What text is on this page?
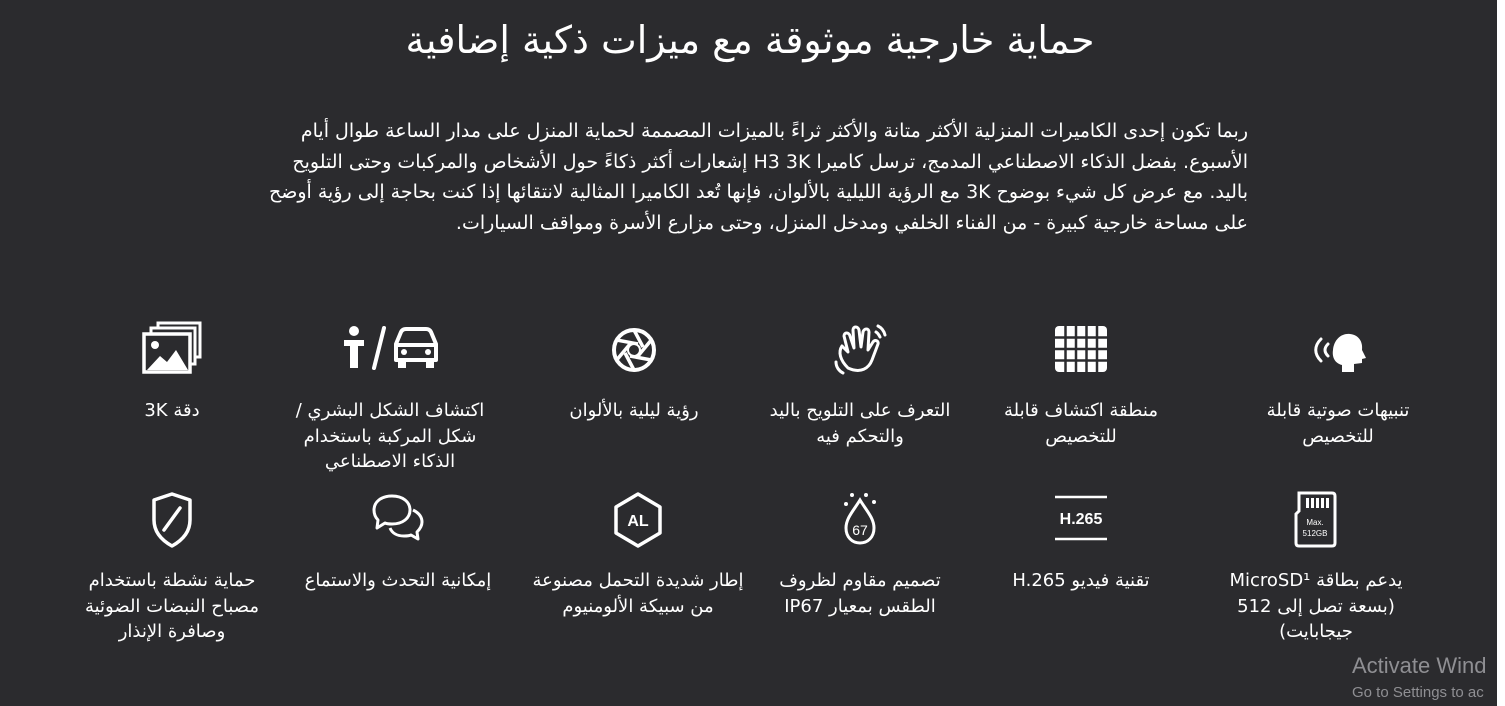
حماية خارجية موثوقة مع ميزات ذكية إضافية

ربما تكون إحدى الكاميرات المنزلية الأكثر متانة والأكثر ثراءً بالميزات المصممة لحماية المنزل على مدار الساعة طوال أيام الأسبوع. بفضل الذكاء الاصطناعي المدمج، ترسل كاميرا H3 3K إشعارات أكثر ذكاءً حول الأشخاص والمركبات وحتى التلويح باليد. مع عرض كل شيء بوضوح 3K مع الرؤية الليلية بالألوان، فإنها تُعد الكاميرا المثالية لانتقائها إذا كنت بحاجة إلى رؤية أوضح على مساحة خارجية كبيرة - من الفناء الخلفي ومدخل المنزل، وحتى مزارع الأسرة ومواقف السيارات.

تنبيهات صوتية قابلة للتخصيص
منطقة اكتشاف قابلة للتخصيص
التعرف على التلويح باليد والتحكم فيه
رؤية ليلية بالألوان
اكتشاف الشكل البشري / شكل المركبة باستخدام الذكاء الاصطناعي
دقة 3K
Max.
512GB
يدعم بطاقة MicroSD¹ (بسعة تصل إلى 512 جيجابايت)
H.265
تقنية فيديو H.265
67
تصميم مقاوم لظروف الطقس بمعيار IP67
AL
إطار شديدة التحمل مصنوعة من سبيكة الألومنيوم
إمكانية التحدث والاستماع
حماية نشطة باستخدام مصباح النبضات الضوئية وصافرة الإنذار
Activate Wind
Go to Settings to ac
